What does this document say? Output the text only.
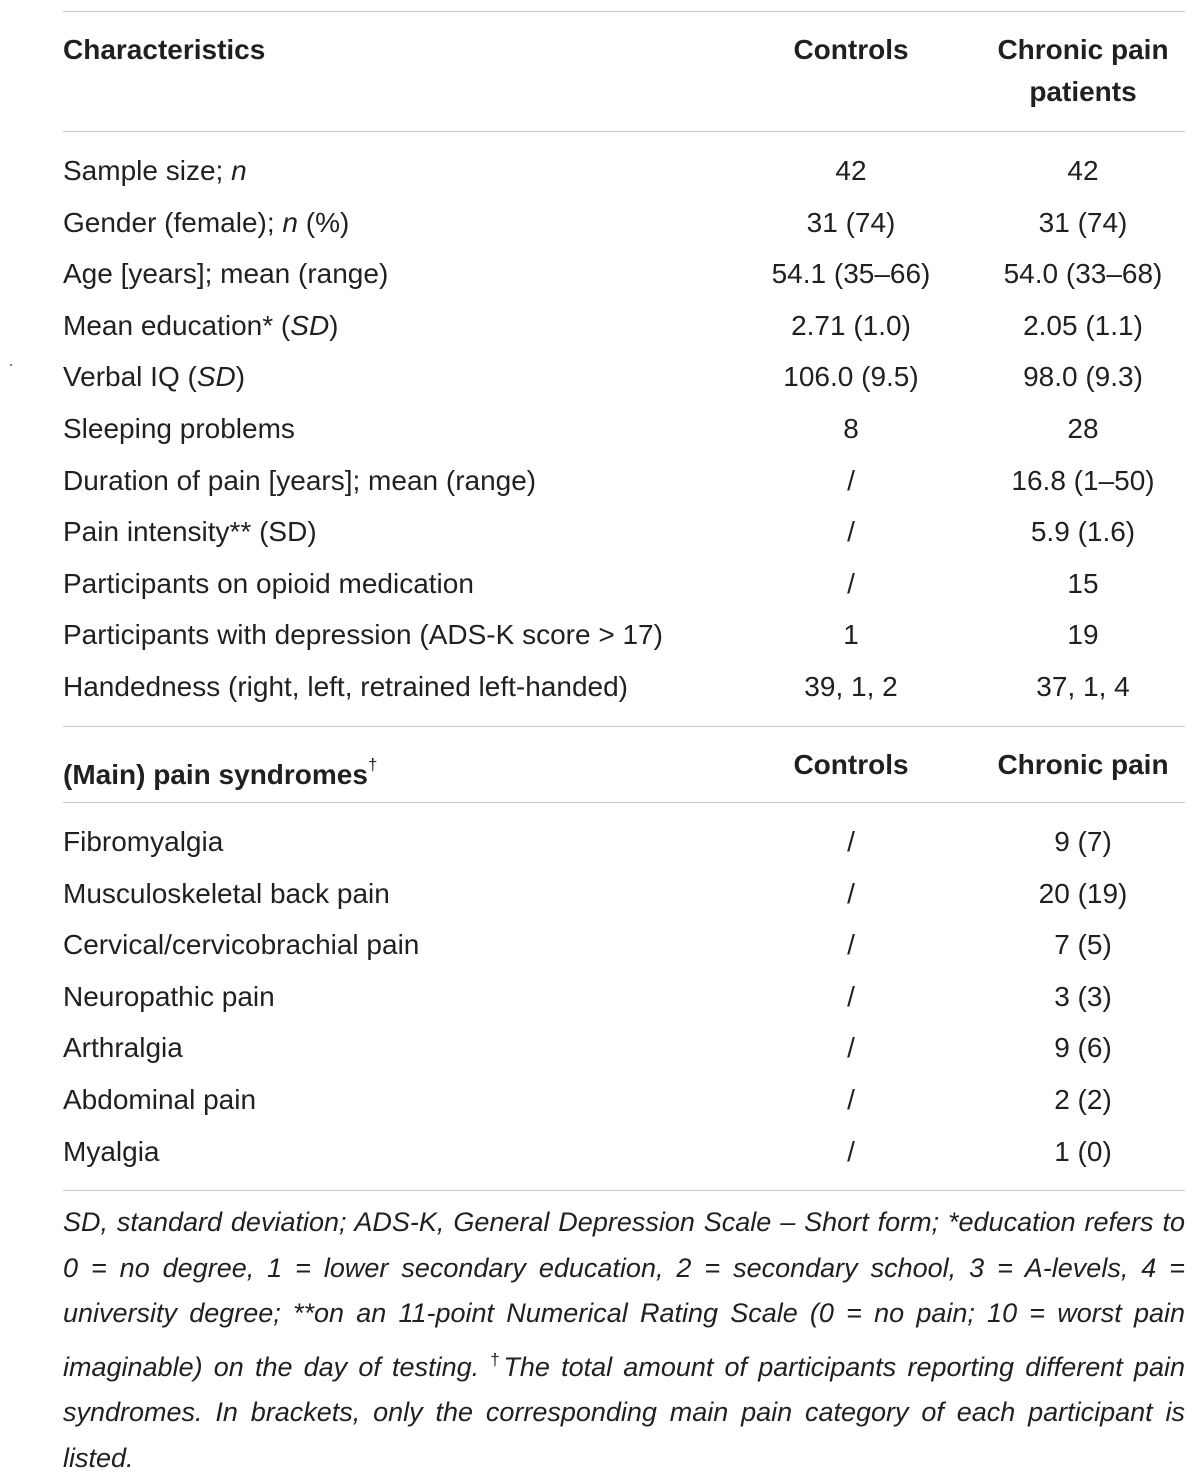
Characteristics	Controls	Chronic pain
patients
Sample size; n	42	42
Gender (female); n (%)	31 (74)	31 (74)
Age [years]; mean (range)	54.1 (35–66)	54.0 (33–68)
Mean education* (SD)	2.71 (1.0)	2.05 (1.1)
Verbal IQ (SD)	106.0 (9.5)	98.0 (9.3)
Sleeping problems	8	28
Duration of pain [years]; mean (range)	/	16.8 (1–50)
Pain intensity** (SD)	/	5.9 (1.6)
Participants on opioid medication	/	15
Participants with depression (ADS-K score > 17)	1	19
Handedness (right, left, retrained left-handed)	39, 1, 2	37, 1, 4
(Main) pain syndromes†	Controls	Chronic pain
Fibromyalgia	/	9 (7)
Musculoskeletal back pain	/	20 (19)
Cervical/cervicobrachial pain	/	7 (5)
Neuropathic pain	/	3 (3)
Arthralgia	/	9 (6)
Abdominal pain	/	2 (2)
Myalgia	/	1 (0)
SD, standard deviation; ADS-K, General Depression Scale – Short form; *education refers to 0 = no degree, 1 = lower secondary education, 2 = secondary school, 3 = A-levels, 4 = university degree; **on an 11-point Numerical Rating Scale (0 = no pain; 10 = worst pain imaginable) on the day of testing. †The total amount of participants reporting different pain syndromes. In brackets, only the corresponding main pain category of each participant is listed.
